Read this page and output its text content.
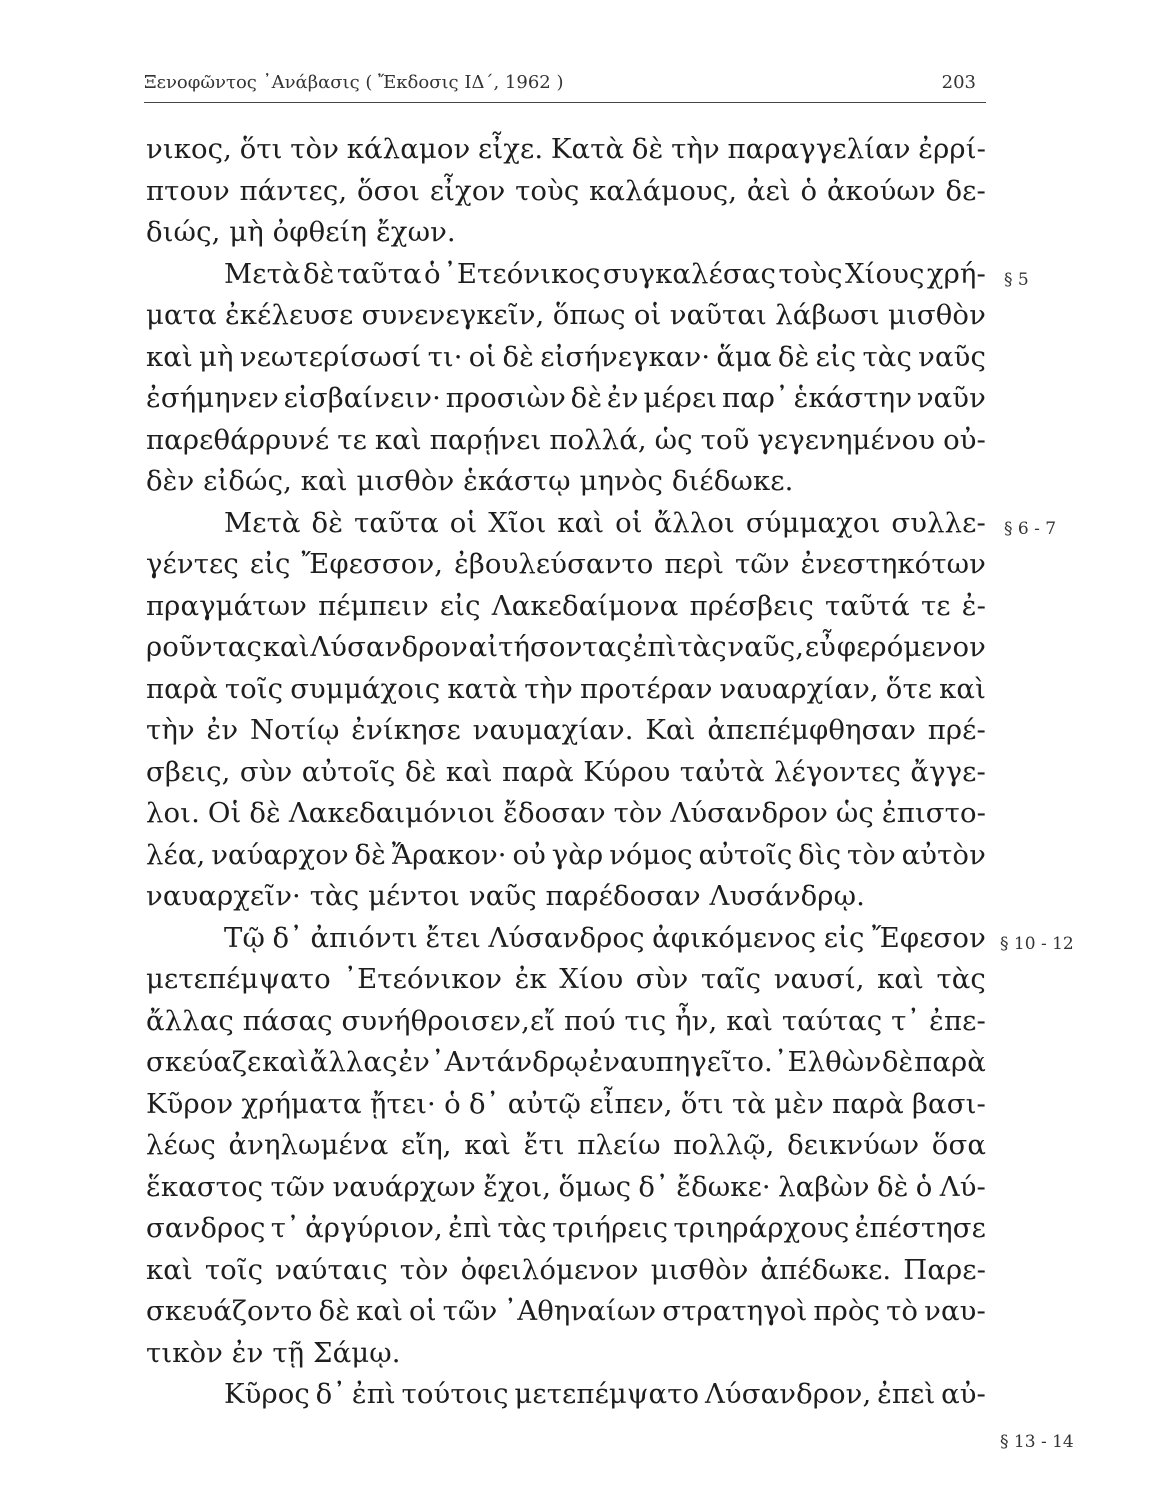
Ξενοφῶντος ᾿Ανάβασις ( Ἔκδοσις ΙΔ΄, 1962 )	203
νικος, ὅτι τὸν κάλαμον εἶχε. Κατὰ δὲ τὴν παραγγελίαν ἐρρί-
πτουν πάντες, ὅσοι εἶχον τοὺς καλάμους, ἀεὶ ὁ ἀκούων δε-
διώς, μὴ ὀφθείη ἔχων.
Μετὰ δὲ ταῦτα ὁ ᾿Ετεόνικος συγκαλέσας τοὺς Χίους χρή-
ματα ἐκέλευσε συνενεγκεῖν, ὅπως οἱ ναῦται λάβωσι μισθὸν
καὶ μὴ νεωτερίσωσί τι· οἱ δὲ εἰσήνεγκαν· ἅμα δὲ εἰς τὰς ναῦς
ἐσήμηνεν εἰσβαίνειν· προσιὼν δὲ ἐν μέρει παρ᾽ ἑκάστην ναῦν
παρεθάρρυνέ τε καὶ παρῄνει πολλά, ὡς τοῦ γεγενημένου οὐ-
δὲν εἰδώς, καὶ μισθὸν ἑκάστῳ μηνὸς διέδωκε.
Μετὰ δὲ ταῦτα οἱ Χῖοι καὶ οἱ ἄλλοι σύμμαχοι συλλε-
γέντες εἰς Ἔφεσσον, ἐβουλεύσαντο περὶ τῶν ἐνεστηκότων
πραγμάτων πέμπειν εἰς Λακεδαίμονα πρέσβεις ταῦτά τε ἐ-
ροῦντας καὶ Λύσανδρον αἰτήσοντας ἐπὶ τὰς ναῦς, εὖ φερόμενον
παρὰ τοῖς συμμάχοις κατὰ τὴν προτέραν ναυαρχίαν, ὅτε καὶ
τὴν ἐν Νοτίῳ ἐνίκησε ναυμαχίαν. Καὶ ἀπεπέμφθησαν πρέ-
σβεις, σὺν αὐτοῖς δὲ καὶ παρὰ Κύρου ταὐτὰ λέγοντες ἄγγε-
λοι. Οἱ δὲ Λακεδαιμόνιοι ἔδοσαν τὸν Λύσανδρον ὡς ἐπιστο-
λέα, ναύαρχον δὲ Ἄρακον· οὐ γὰρ νόμος αὐτοῖς δὶς τὸν αὐτὸν
ναυαρχεῖν· τὰς μέντοι ναῦς παρέδοσαν Λυσάνδρῳ.
Τῷ δ᾽ ἀπιόντι ἔτει Λύσανδρος ἀφικόμενος εἰς Ἔφεσον
μετεπέμψατο ᾿Ετεόνικον ἐκ Χίου σὺν ταῖς ναυσί, καὶ τὰς
ἄλλας πάσας συνήθροισεν,εἴ πού τις ἦν, καὶ ταύτας τ᾽ ἐπε-
σκεύαζε καὶ ἄλλας ἐν ᾿Αντάνδρῳ ἐναυπηγεῖτο. ᾿Ελθὼν δὲ παρὰ
Κῦρον χρήματα ᾔτει· ὁ δ᾽ αὐτῷ εἶπεν, ὅτι τὰ μὲν παρὰ βασι-
λέως ἀνηλωμένα εἴη, καὶ ἔτι πλείω πολλῷ, δεικνύων ὅσα
ἕκαστος τῶν ναυάρχων ἔχοι, ὅμως δ᾽ ἔδωκε· λαβὼν δὲ ὁ Λύ-
σανδρος τ᾽ ἀργύριον, ἐπὶ τὰς τριήρεις τριηράρχους ἐπέστησε
καὶ τοῖς ναύταις τὸν ὀφειλόμενον μισθὸν ἀπέδωκε. Παρε-
σκευάζοντο δὲ καὶ οἱ τῶν ᾿Αθηναίων στρατηγοὶ πρὸς τὸ ναυ-
τικὸν ἐν τῇ Σάμῳ.
Κῦρος δ᾽ ἐπὶ τούτοις μετεπέμψατο Λύσανδρον, ἐπεὶ αὐ-
§ 5
§ 6 - 7
§ 10 - 12
§ 13 - 14
